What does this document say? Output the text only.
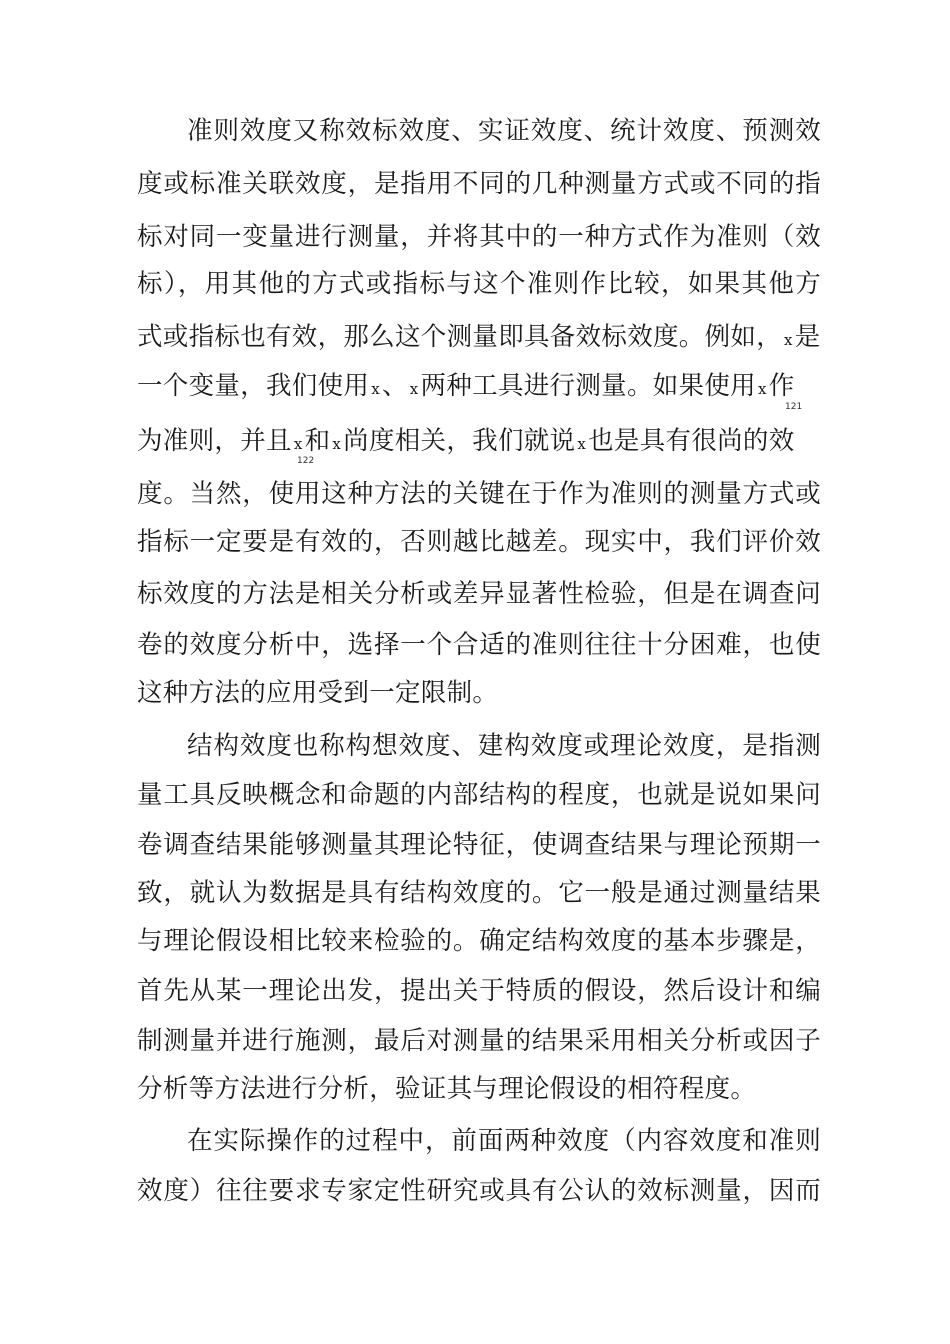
准则效度又称效标效度、实证效度、统计效度、预测效
度或标准关联效度，是指用不同的几种测量方式或不同的指
标对同一变量进行测量，并将其中的一种方式作为准则（效
标），用其他的方式或指标与这个准则作比较，如果其他方
式或指标也有效，那么这个测量即具备效标效度。例如， x是
一个变量，我们使用 x、 x两种工具进行测量。如果使用 x作
121
为准则，并且 x和 x尚度相关，我们就说 x也是具有很尚的效
122
度。当然，使用这种方法的关键在于作为准则的测量方式或
指标一定要是有效的，否则越比越差。现实中，我们评价效
标效度的方法是相关分析或差异显著性检验，但是在调查问
卷的效度分析中，选择一个合适的准则往往十分困难，也使
这种方法的应用受到一定限制。
结构效度也称构想效度、建构效度或理论效度，是指测
量工具反映概念和命题的内部结构的程度，也就是说如果问
卷调查结果能够测量其理论特征，使调查结果与理论预期一
致，就认为数据是具有结构效度的。它一般是通过测量结果
与理论假设相比较来检验的。确定结构效度的基本步骤是，
首先从某一理论出发，提出关于特质的假设，然后设计和编
制测量并进行施测，最后对测量的结果采用相关分析或因子
分析等方法进行分析，验证其与理论假设的相符程度。
在实际操作的过程中，前面两种效度（内容效度和准则
效度）往往要求专家定性研究或具有公认的效标测量，因而
